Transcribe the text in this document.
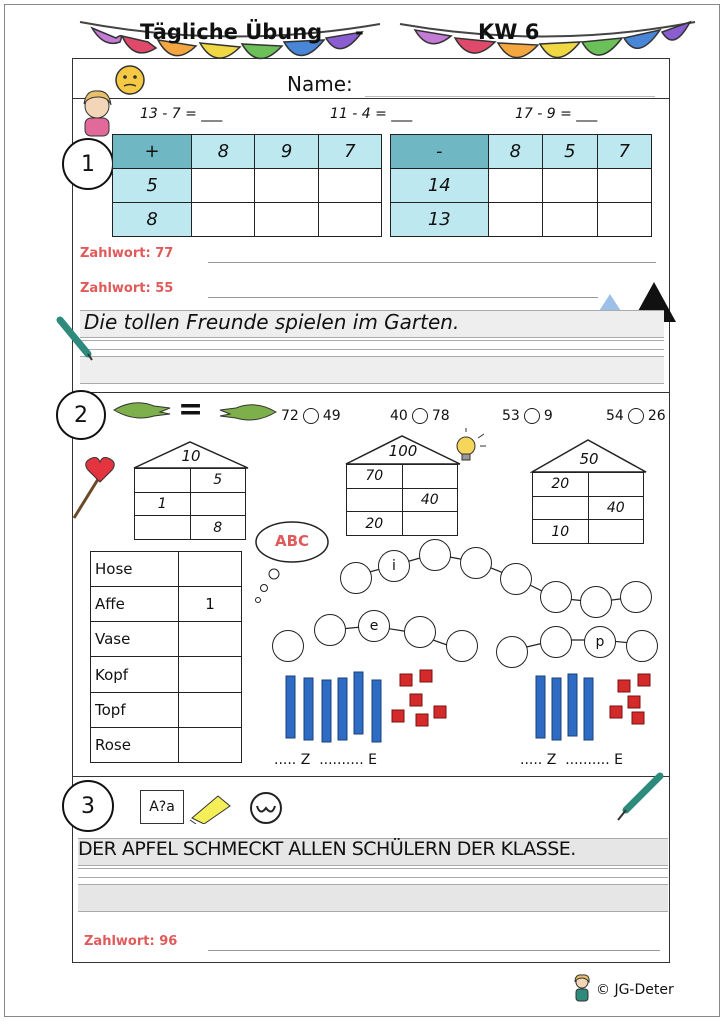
Tägliche Übung -	KW 6
Name:
1
13 - 7 = ___	11 - 4 = ___	17 - 9 = ___
+	8	9	7
5			
8			
-	8	5	7
14			
13			
Zahlwort: 77
Zahlwort: 55
Die tollen Freunde spielen im Garten.
2	=	72 49	40 78	53 9	54 26
10
	5
1	
	8
100
70	
	40
20	
50
20	
	40
10	
ABC
Hose	
Affe	1
Vase	
Kopf	
Topf	
Rose	
i
e
p
..... Z  .......... E	..... Z  .......... E
3	A?a
DER APFEL SCHMECKT ALLEN SCHÜLERN DER KLASSE.
Zahlwort: 96
© JG-Deter
